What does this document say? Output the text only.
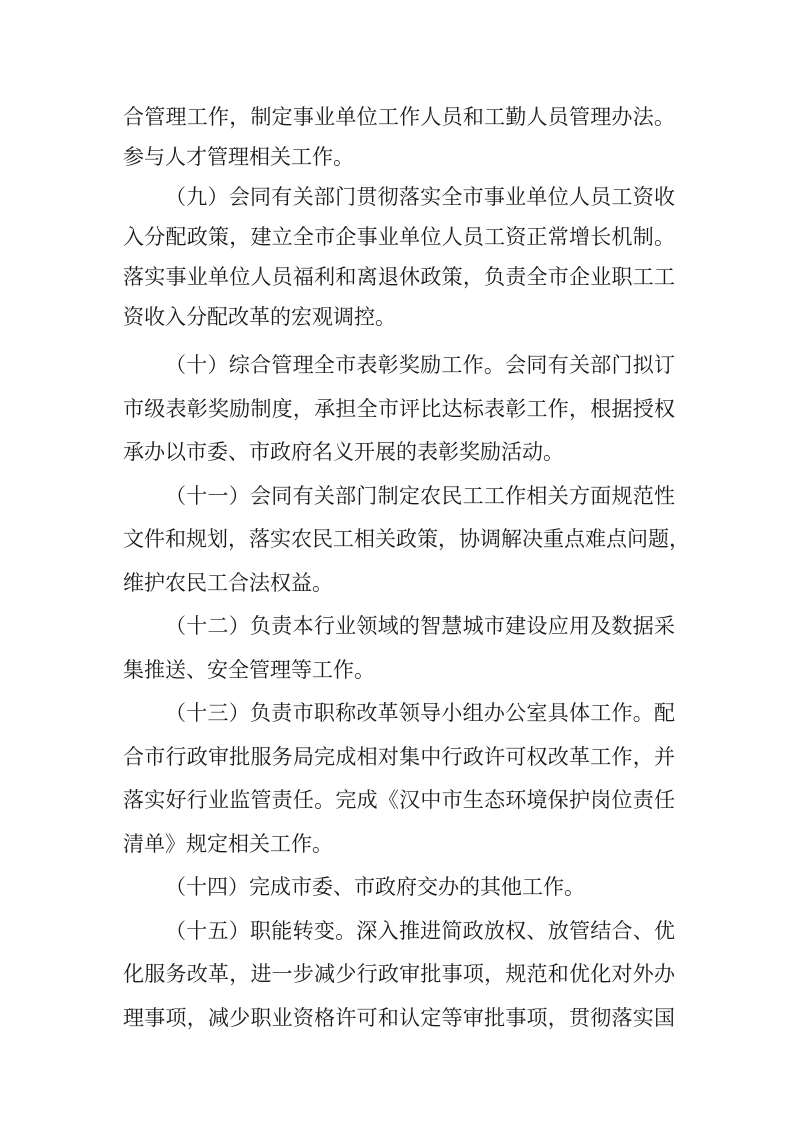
合管理工作，制定事业单位工作人员和工勤人员管理办法。

参与人才管理相关工作。

（九）会同有关部门贯彻落实全市事业单位人员工资收

入分配政策，建立全市企事业单位人员工资正常增长机制。

落实事业单位人员福利和离退休政策，负责全市企业职工工

资收入分配改革的宏观调控。

（十）综合管理全市表彰奖励工作。会同有关部门拟订

市级表彰奖励制度，承担全市评比达标表彰工作，根据授权

承办以市委、市政府名义开展的表彰奖励活动。

（十一）会同有关部门制定农民工工作相关方面规范性

文件和规划，落实农民工相关政策，协调解决重点难点问题，

维护农民工合法权益。

（十二）负责本行业领域的智慧城市建设应用及数据采

集推送、安全管理等工作。

（十三）负责市职称改革领导小组办公室具体工作。配

合市行政审批服务局完成相对集中行政许可权改革工作，并

落实好行业监管责任。完成《汉中市生态环境保护岗位责任

清单》规定相关工作。

（十四）完成市委、市政府交办的其他工作。

（十五）职能转变。深入推进简政放权、放管结合、优

化服务改革，进一步减少行政审批事项，规范和优化对外办

理事项，减少职业资格许可和认定等审批事项，贯彻落实国
